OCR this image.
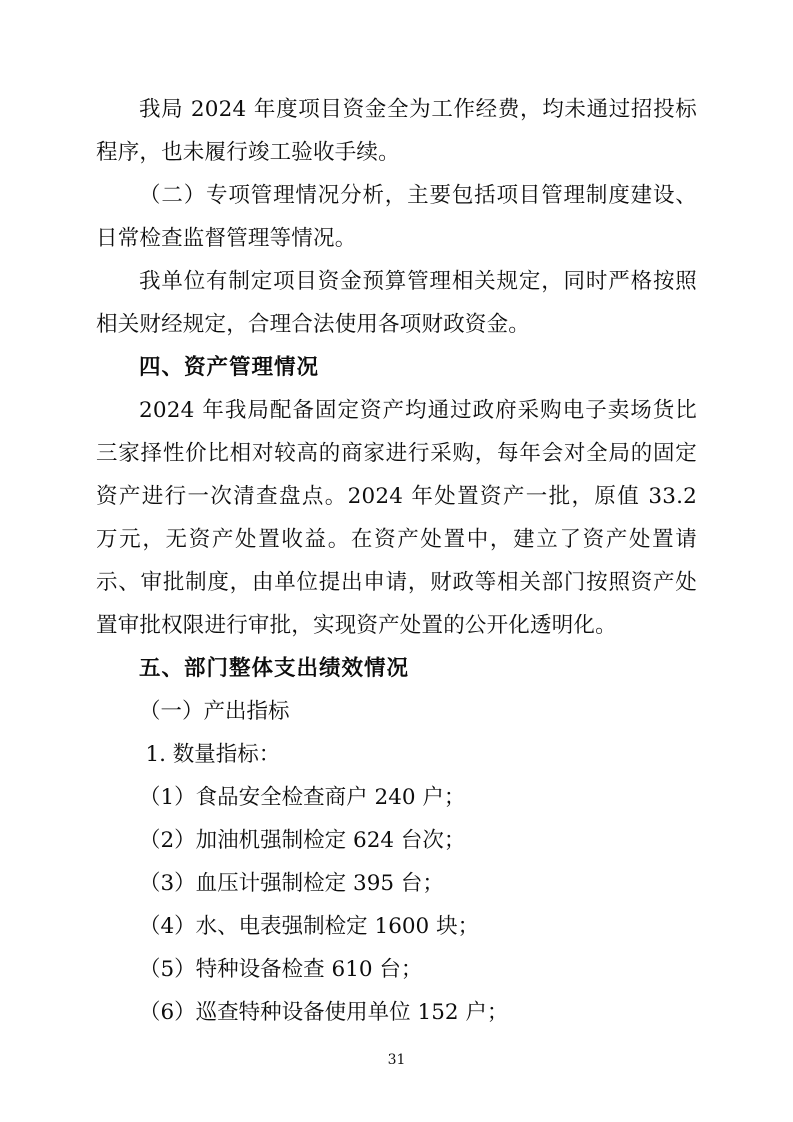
我局 2024 年度项目资金全为工作经费，均未通过招投标程序，也未履行竣工验收手续。

（二）专项管理情况分析，主要包括项目管理制度建设、日常检查监督管理等情况。

我单位有制定项目资金预算管理相关规定，同时严格按照相关财经规定，合理合法使用各项财政资金。

四、资产管理情况

2024 年我局配备固定资产均通过政府采购电子卖场货比三家择性价比相对较高的商家进行采购，每年会对全局的固定资产进行一次清查盘点。2024 年处置资产一批，原值 33.2 万元，无资产处置收益。在资产处置中，建立了资产处置请示、审批制度，由单位提出申请，财政等相关部门按照资产处置审批权限进行审批，实现资产处置的公开化透明化。

五、部门整体支出绩效情况

（一）产出指标

1. 数量指标：

（1）食品安全检查商户 240 户；

（2）加油机强制检定 624 台次；

（3）血压计强制检定 395 台；

（4）水、电表强制检定 1600 块；

（5）特种设备检查 610 台；

（6）巡查特种设备使用单位 152 户；

31
